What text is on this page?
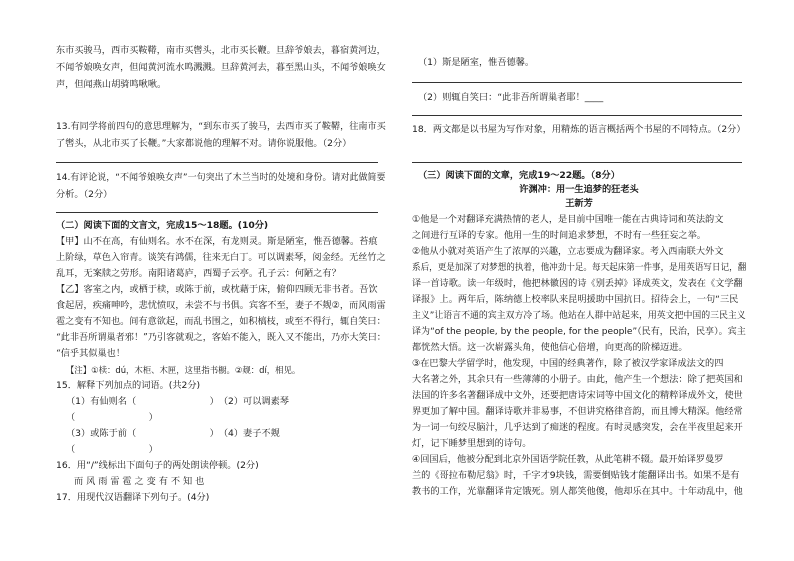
东市买骏马，西市买鞍鞯，南市买辔头，北市买长鞭。旦辞爷娘去，暮宿黄河边，
不闻爷娘唤女声，但闻黄河流水鸣溅溅。旦辞黄河去，暮至黑山头，不闻爷娘唤女
声，但闻燕山胡骑鸣啾啾。
13.有同学将前四句的意思理解为，“到东市买了骏马，去西市买了鞍鞯，往南市买
了辔头，从北市买了长鞭。”大家都说他的理解不对。请你说服他。（2分）
14.有评论说，“不闻爷娘唤女声”一句突出了木兰当时的处境和身份。请对此做简要
分析。（2分）
（二）阅读下面的文言文，完成15～18题。(10分)
【甲】山不在高，有仙则名。水不在深，有龙则灵。斯是陋室，惟吾德馨。苔痕
上阶绿，草色入帘青。谈笑有鸿儒，往来无白丁。可以调素琴，阅金经。无丝竹之
乱耳，无案牍之劳形。南阳诸葛庐，西蜀子云亭。孔子云：何陋之有？
【乙】客室之内，或栖于椟，或陈于前，或枕藉于床，俯仰四顾无非书者。吾饮
食起居，疾痛呻吟，悲忧愤叹，未尝不与书俱。宾客不至，妻子不觌②，而风雨雷
雹之变有不知也。间有意欲起，而乱书围之，如积槁枝，或至不得行，辄自笑曰：
“此非吾所谓巢者邪！”乃引客就观之，客始不能入，既入又不能出，乃亦大笑曰：
“信乎其似巢也！
【注】①椟：dú，木柜、木匣，这里指书橱。②觌：dí，相见。
15．解释下列加点的词语。(共2分)
（1）有仙则名（　　　　　　　　）　（2）可以调素琴
（　　　　　　　　）
（3）或陈于前（　　　　　　　　）　（4）妻子不觌
（　　　　　　　　）
16．用“/”线标出下面句子的两处朗读停顿。(2分)
而 风 雨 雷 雹 之 变 有 不 知 也
17．用现代汉语翻译下列句子。(4分)
（1）斯是陋室，惟吾德馨。
（2）则辄自笑曰：“此非吾所谓巢者耶！____
18．两文都是以书屋为写作对象，用精炼的语言概括两个书屋的不同特点。（2分）
（三）阅读下面的文章，完成19～22题。（8分）
许渊冲：用一生追梦的狂老头
王新芳
①他是一个对翻译充满热情的老人，是目前中国唯一能在古典诗词和英法韵文
之间进行互译的专家。他用一生的时间追求梦想，不时有一些狂妄之举。
②他从小就对英语产生了浓厚的兴趣，立志要成为翻译家。考入西南联大外文
系后，更是加深了对梦想的执着，他冲劲十足。每天起床第一件事，是用英语写日记，翻
译一首诗歌。读一年级时，他把林徽因的诗《别丢掉》译成英文，发表在《文学翻
译报》上。两年后，陈纳德上校率队来昆明援助中国抗日。招待会上，一句“三民
主义”让语言不通的宾主双方冷了场。他站在人群中站起来，用英文把中国的三民主义
译为“of the people, by the people, for the people”（民有，民治，民享）。宾主
都恍然大悟。这一次崭露头角，使他信心倍增，向更高的阶梯迈进。
③在巴黎大学留学时，他发现，中国的经典著作，除了被汉学家译成法文的四
大名著之外，其余只有一些薄薄的小册子。由此，他产生一个想法：除了把英国和
法国的许多名著翻译成中文外，还要把唐诗宋词等中国文化的精粹译成外文，使世
界更加了解中国。翻译诗歌并非易事，不但讲究格律音韵，而且博大精深。他经常
为一词一句绞尽脑汁，几乎达到了痴迷的程度。有时灵感突发，会在半夜里起来开
灯，记下睡梦里想到的诗句。
④回国后，他被分配到北京外国语学院任教，从此笔耕不辍。最开始译罗曼罗
兰的《哥拉布勒尼翁》时，千字才9块钱，需要倒贴钱才能翻译出书。如果不是有
教书的工作，光靠翻译肯定饿死。别人都笑他傻，他却乐在其中。十年动乱中，他
